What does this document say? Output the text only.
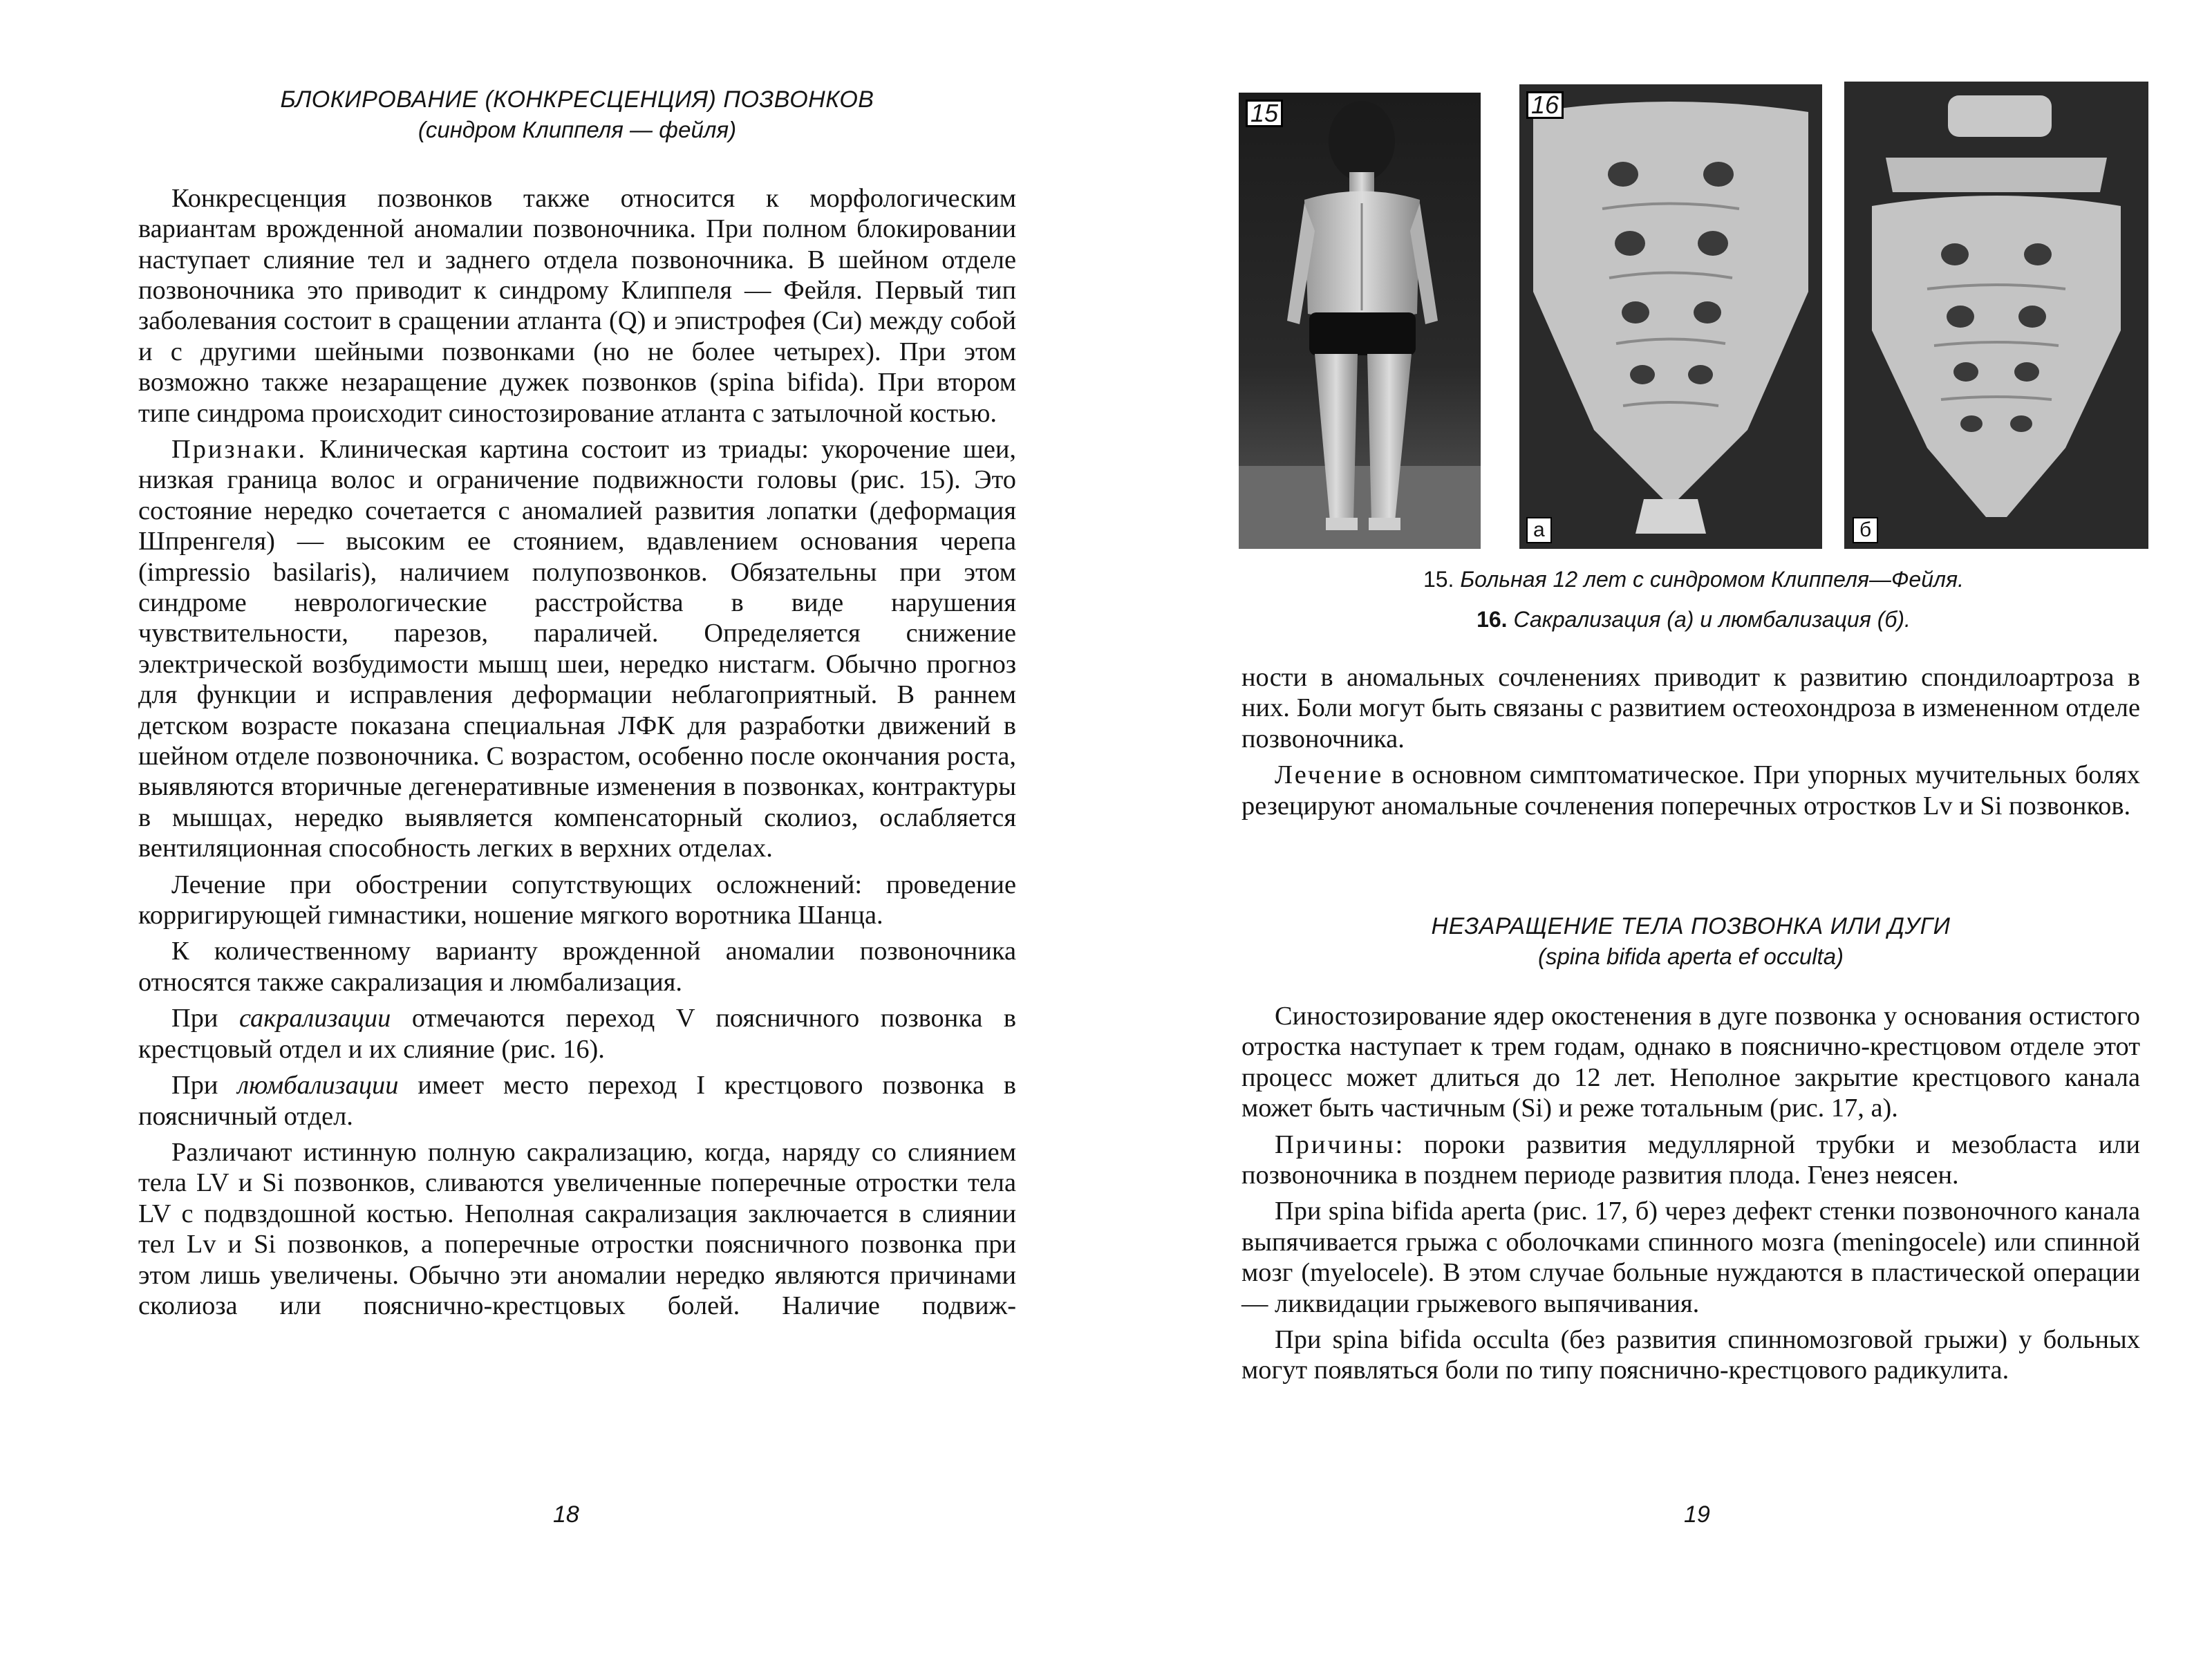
БЛОКИРОВАНИЕ (КОНКРЕСЦЕНЦИЯ) ПОЗВОНКОВ

(синдром Клиппеля — фейля)

Конкресценция позвонков также относится к морфологическим вариантам врожденной аномалии позвоночника. При полном блокировании наступает слияние тел и заднего отдела позвоночника. В шейном отделе позвоночника это приводит к синдрому Клиппеля — Фейля. Первый тип заболевания состоит в сращении атланта (Q) и эпистрофея (Си) между собой и с другими шейными позвонками (но не более четырех). При этом возможно также незаращение дужек позвонков (spina bifida). При втором типе синдрома происходит синостозирование атланта с затылочной костью.

Признаки. Клиническая картина состоит из триады: укорочение шеи, низкая граница волос и ограничение подвижности головы (рис. 15). Это состояние нередко сочетается с аномалией развития лопатки (деформация Шпренгеля) — высоким ее стоянием, вдавлением основания черепа (impressio basilaris), наличием полупозвонков. Обязательны при этом синдроме неврологические расстройства в виде нарушения чувствительности, парезов, параличей. Определяется снижение электрической возбудимости мышц шеи, нередко нистагм. Обычно прогноз для функции и исправления деформации неблагоприятный. В раннем детском возрасте показана специальная ЛФК для разработки движений в шейном отделе позвоночника. С возрастом, особенно после окончания роста, выявляются вторичные дегенеративные изменения в позвонках, контрактуры в мышцах, нередко выявляется компенсаторный сколиоз, ослабляется вентиляционная способность легких в верхних отделах.

Лечение при обострении сопутствующих осложнений: проведение корригирующей гимнастики, ношение мягкого воротника Шанца.

К количественному варианту врожденной аномалии позвоночника относятся также сакрализация и люмбализация.

При сакрализации отмечаются переход V поясничного позвонка в крестцовый отдел и их слияние (рис. 16).

При люмбализации имеет место переход I крестцового позвонка в поясничный отдел.

Различают истинную полную сакрализацию, когда, наряду со слиянием тела LV и Si позвонков, сливаются увеличенные поперечные отростки тела LV с подвздошной костью. Неполная сакрализация заключается в слиянии тел Lv и Si позвонков, а поперечные отростки поясничного позвонка при этом лишь увеличены. Обычно эти аномалии нередко являются причинами сколиоза или пояснично-крестцовых болей. Наличие подвиж-

18
15	16
а	б
15. Больная 12 лет с синдромом Клиппеля—Фейля.
16. Сакрализация (а) и люмбализация (б).

ности в аномальных сочленениях приводит к развитию спондилоартроза в них. Боли могут быть связаны с развитием остеохондроза в измененном отделе позвоночника.

Лечение в основном симптоматическое. При упорных мучительных болях резецируют аномальные сочленения поперечных отростков Lv и Si позвонков.

НЕЗАРАЩЕНИЕ ТЕЛА ПОЗВОНКА ИЛИ ДУГИ

(spina bifida aperta ef occulta)

Синостозирование ядер окостенения в дуге позвонка у основания остистого отростка наступает к трем годам, однако в пояснично-крестцовом отделе этот процесс может длиться до 12 лет. Неполное закрытие крестцового канала может быть частичным (Si) и реже тотальным (рис. 17, а).

Причины: пороки развития медуллярной трубки и мезобласта или позвоночника в позднем периоде развития плода. Генез неясен.

При spina bifida aperta (рис. 17, б) через дефект стенки позвоночного канала выпячивается грыжа с оболочками спинного мозга (meningocele) или спинной мозг (myelocele). В этом случае больные нуждаются в пластической операции — ликвидации грыжевого выпячивания.

При spina bifida occulta (без развития спинномозговой грыжи) у больных могут появляться боли по типу пояснично-крестцового радикулита.

19
